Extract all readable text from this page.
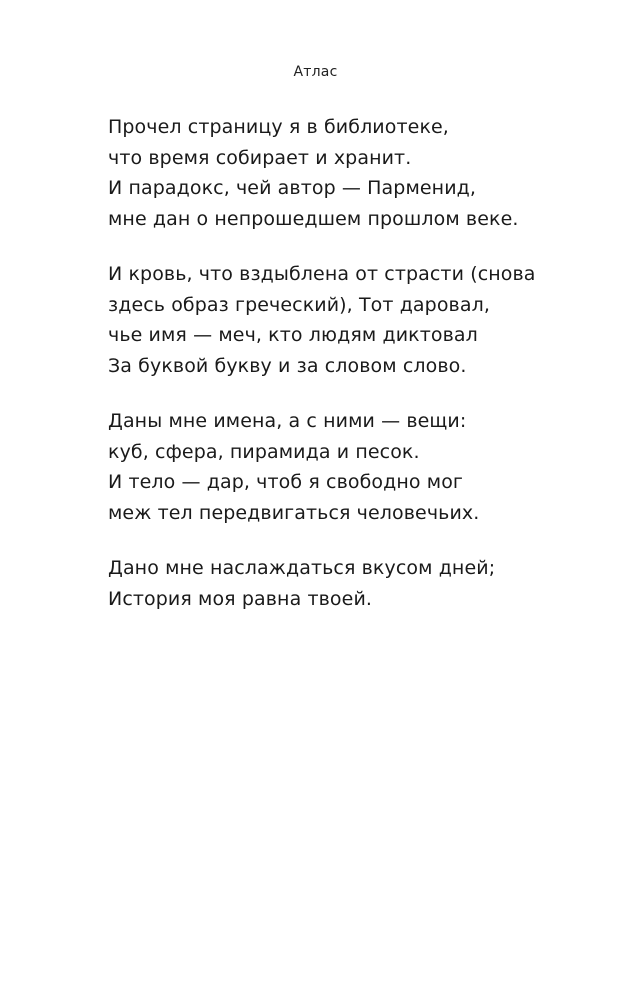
Атлас
Прочел страницу я в библиотеке,
что время собирает и хранит.
И парадокс, чей автор — Парменид,
мне дан о непрошедшем прошлом веке.
И кровь, что вздыблена от страсти (снова
здесь образ греческий), Тот даровал,
чье имя — меч, кто людям диктовал
За буквой букву и за словом слово.
Даны мне имена, а с ними — вещи:
куб, сфера, пирамида и песок.
И тело — дар, чтоб я свободно мог
меж тел передвигаться человечьих.
Дано мне наслаждаться вкусом дней;
История моя равна твоей.
